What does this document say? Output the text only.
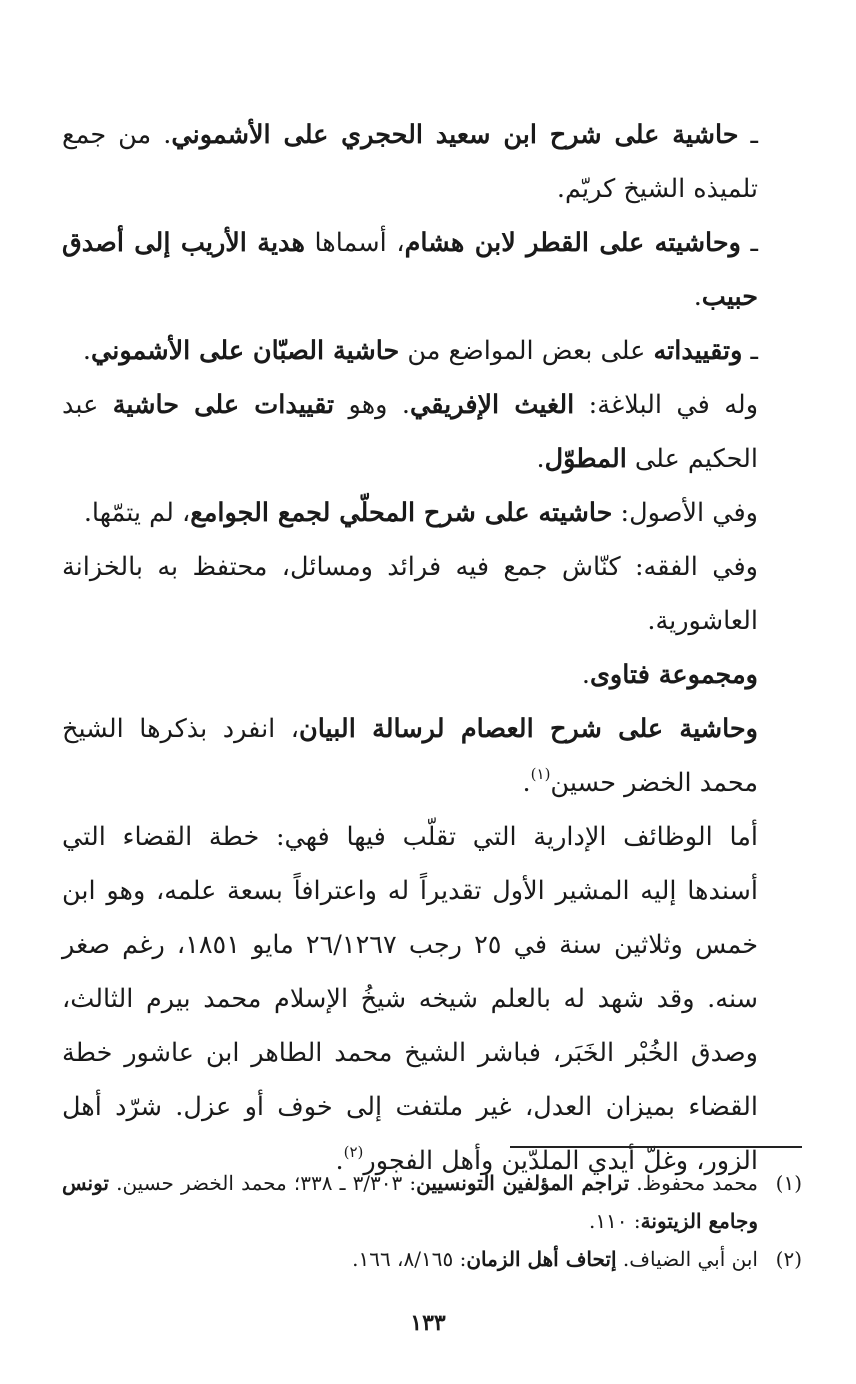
ـ حاشية على شرح ابن سعيد الحجري على الأشموني. من جمع تلميذه الشيخ كريّم.

ـ وحاشيته على القطر لابن هشام، أسماها هدية الأريب إلى أصدق حبيب.

ـ وتقييداته على بعض المواضع من حاشية الصبّان على الأشموني.

وله في البلاغة: الغيث الإفريقي. وهو تقييدات على حاشية عبد الحكيم على المطوّل.

وفي الأصول: حاشيته على شرح المحلّي لجمع الجوامع، لم يتمّها.

وفي الفقه: كنّاش جمع فيه فرائد ومسائل، محتفظ به بالخزانة العاشورية.

ومجموعة فتاوى.

وحاشية على شرح العصام لرسالة البيان، انفرد بذكرها الشيخ محمد الخضر حسين$^{(١)}$.

أما الوظائف الإدارية التي تقلّب فيها فهي: خطة القضاء التي أسندها إليه المشير الأول تقديراً له واعترافاً بسعة علمه، وهو ابن خمس وثلاثين سنة في ٢٥ رجب ٢٦/١٢٦٧ مايو ١٨٥١، رغم صغر سنه. وقد شهد له بالعلم شيخه شيخُ الإسلام محمد بيرم الثالث، وصدق الخُبْر الخَبَر، فباشر الشيخ محمد الطاهر ابن عاشور خطة القضاء بميزان العدل، غير ملتفت إلى خوف أو عزل. شرّد أهل الزور، وغلّ أيدي الملدّين وأهل الفجور$^{(٢)}$.

(١)محمد محفوظ. تراجم المؤلفين التونسيين: ٣/٣٠٣ ـ ٣٣٨؛ محمد الخضر حسين. تونس وجامع الزيتونة: ١١٠.

(٢)ابن أبي الضياف. إتحاف أهل الزمان: ٨/١٦٥، ١٦٦.

١٣٣
